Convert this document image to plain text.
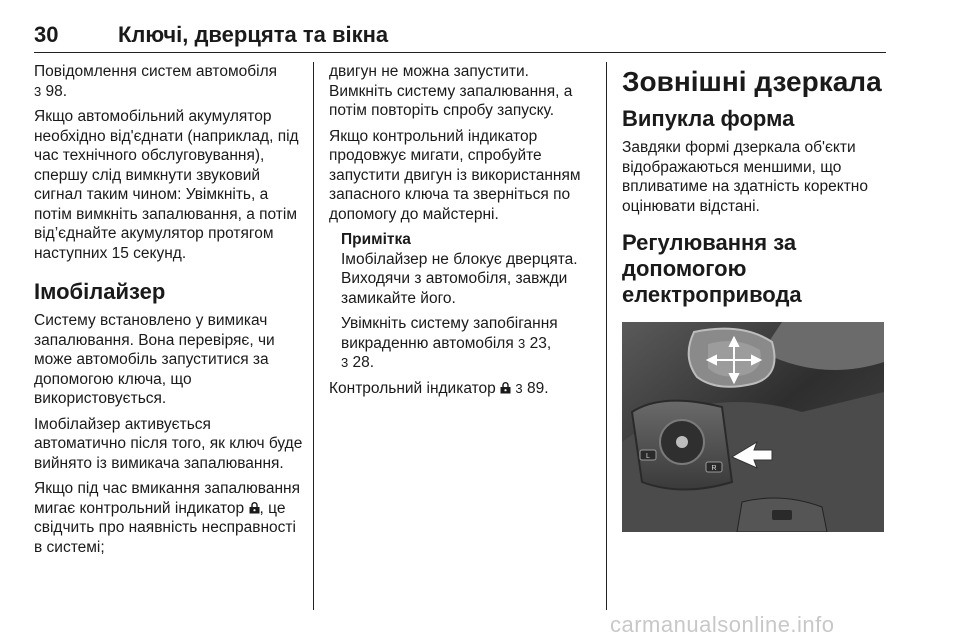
30	Ключі, дверцята та вікна

Повідомлення систем автомобіля
3 98.

Якщо автомобільний акумулятор необхідно від'єднати (наприклад, під час технічного обслуговування), спершу слід вимкнути звуковий сигнал таким чином: Увімкніть, а потім вимкніть запалювання, а потім від’єднайте акумулятор протягом наступних 15 секунд.

Імобілайзер

Систему встановлено у вимикач запалювання. Вона перевіряє, чи може автомобіль запуститися за допомогою ключа, що використовується.

Імобілайзер активується автоматично після того, як ключ буде вийнято із вимикача запалювання.

Якщо під час вмикання запалювання мигає контрольний індикатор , це свідчить про наявність несправності в системі;

двигун не можна запустити. Вимкніть систему запалювання, а потім повторіть спробу запуску.

Якщо контрольний індикатор продовжує мигати, спробуйте запустити двигун із використанням запасного ключа та зверніться по допомогу до майстерні.

Примітка

Імобілайзер не блокує дверцята. Виходячи з автомобіля, завжди замикайте його.

Увімкніть систему запобігання викраденню автомобіля 3 23,
3 28.

Контрольний індикатор 3 89.

Зовнішні дзеркала
Випукла форма

Завдяки формі дзеркала об'єкти відображаються меншими, що впливатиме на здатність коректно оцінювати відстані.

Регулювання за допомогою електропривода
L
R
carmanualsonline.info
